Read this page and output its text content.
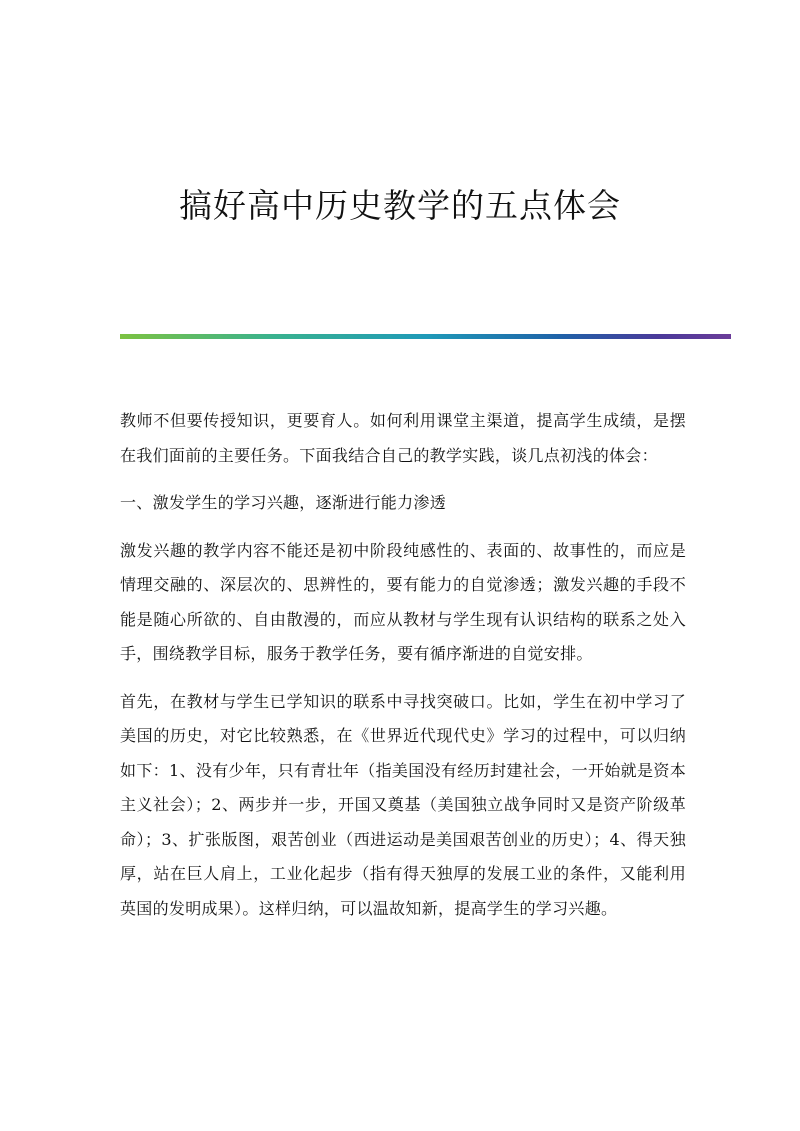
搞好高中历史教学的五点体会

教师不但要传授知识，更要育人。如何利用课堂主渠道，提高学生成绩，是摆在我们面前的主要任务。下面我结合自己的教学实践，谈几点初浅的体会：

一、激发学生的学习兴趣，逐渐进行能力渗透

激发兴趣的教学内容不能还是初中阶段纯感性的、表面的、故事性的，而应是情理交融的、深层次的、思辨性的，要有能力的自觉渗透；激发兴趣的手段不能是随心所欲的、自由散漫的，而应从教材与学生现有认识结构的联系之处入手，围绕教学目标，服务于教学任务，要有循序渐进的自觉安排。

首先，在教材与学生已学知识的联系中寻找突破口。比如，学生在初中学习了美国的历史，对它比较熟悉，在《世界近代现代史》学习的过程中，可以归纳如下：1、没有少年，只有青壮年（指美国没有经历封建社会，一开始就是资本主义社会）；2、两步并一步，开国又奠基（美国独立战争同时又是资产阶级革命）；3、扩张版图，艰苦创业（西进运动是美国艰苦创业的历史）；4、得天独厚，站在巨人肩上，工业化起步（指有得天独厚的发展工业的条件，又能利用英国的发明成果）。这样归纳，可以温故知新，提高学生的学习兴趣。
